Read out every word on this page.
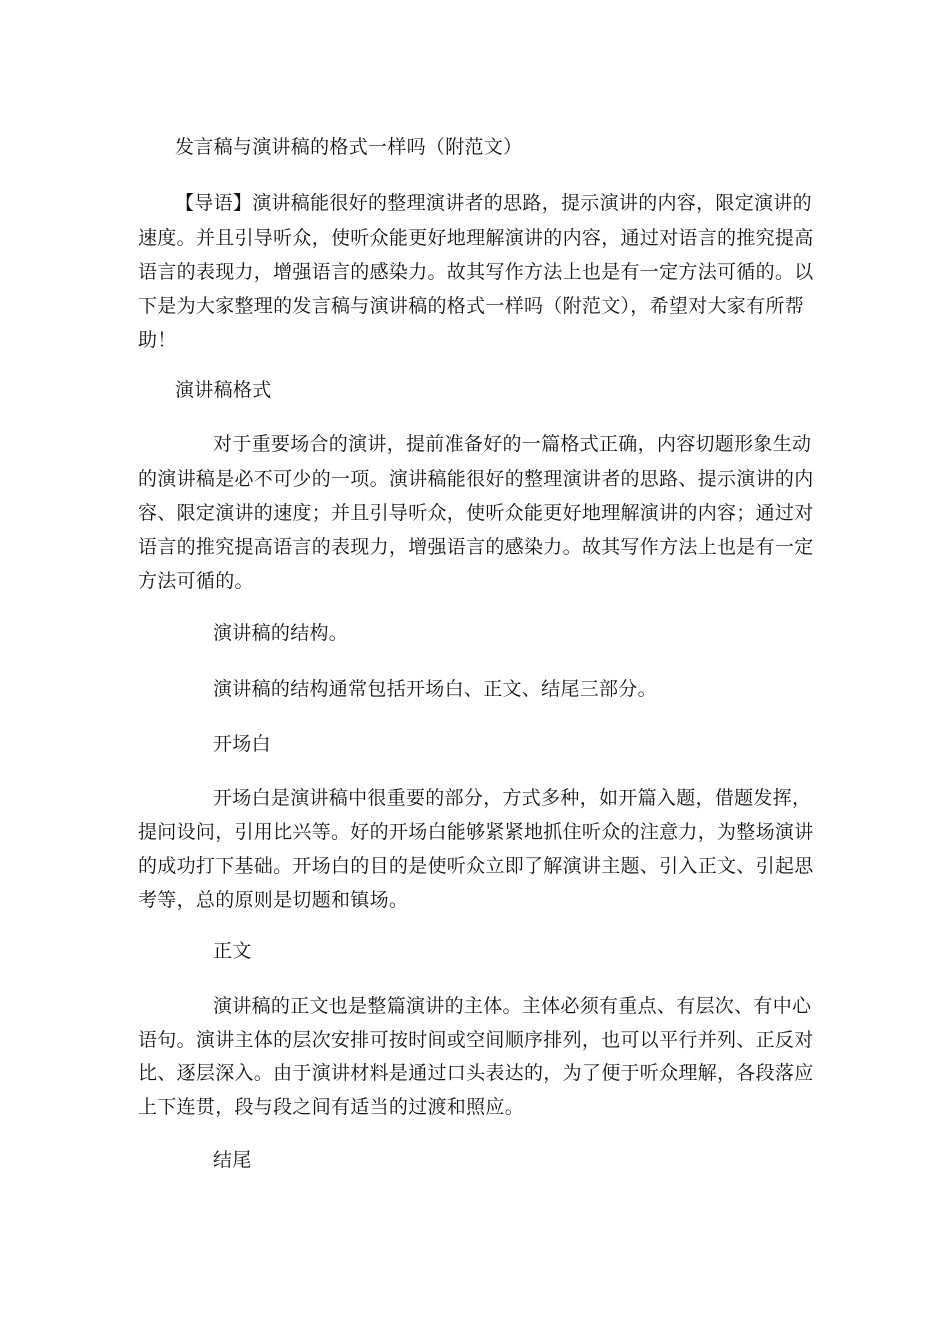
发言稿与演讲稿的格式一样吗（附范文）
【导语】演讲稿能很好的整理演讲者的思路，提示演讲的内容，限定演讲的
速度。并且引导听众，使听众能更好地理解演讲的内容，通过对语言的推究提高
语言的表现力，增强语言的感染力。故其写作方法上也是有一定方法可循的。以
下是为大家整理的发言稿与演讲稿的格式一样吗（附范文），希望对大家有所帮
助！
演讲稿格式
对于重要场合的演讲，提前准备好的一篇格式正确，内容切题形象生动
的演讲稿是必不可少的一项。演讲稿能很好的整理演讲者的思路、提示演讲的内
容、限定演讲的速度；并且引导听众，使听众能更好地理解演讲的内容；通过对
语言的推究提高语言的表现力，增强语言的感染力。故其写作方法上也是有一定
方法可循的。
演讲稿的结构。
演讲稿的结构通常包括开场白、正文、结尾三部分。
开场白
开场白是演讲稿中很重要的部分，方式多种，如开篇入题，借题发挥，
提问设问，引用比兴等。好的开场白能够紧紧地抓住听众的注意力，为整场演讲
的成功打下基础。开场白的目的是使听众立即了解演讲主题、引入正文、引起思
考等，总的原则是切题和镇场。
正文
演讲稿的正文也是整篇演讲的主体。主体必须有重点、有层次、有中心
语句。演讲主体的层次安排可按时间或空间顺序排列，也可以平行并列、正反对
比、逐层深入。由于演讲材料是通过口头表达的，为了便于听众理解，各段落应
上下连贯，段与段之间有适当的过渡和照应。
结尾
